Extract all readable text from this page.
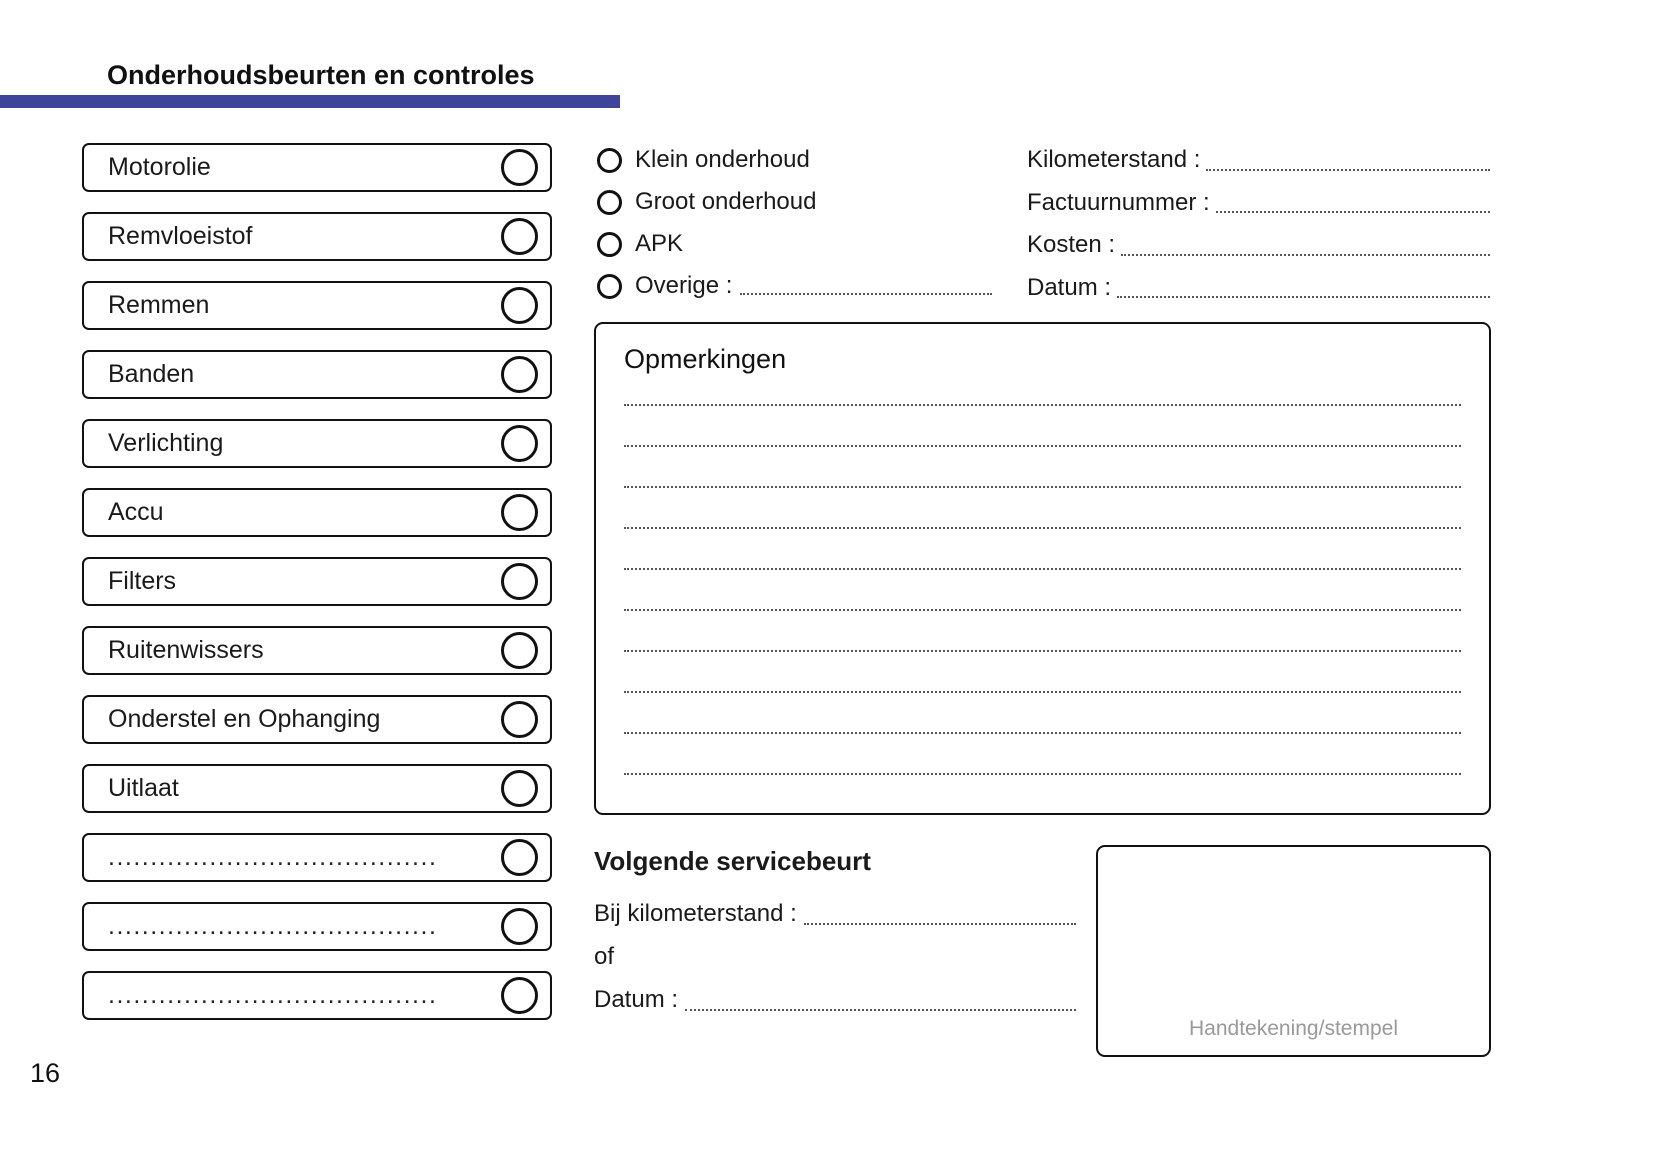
Onderhoudsbeurten en controles
Motorolie
Remvloeistof
Remmen
Banden
Verlichting
Accu
Filters
Ruitenwissers
Onderstel en Ophanging
Uitlaat
.......................................
.......................................
.......................................
Klein onderhoud
Groot onderhoud
APK
Overige :
Kilometerstand :
Factuurnummer :
Kosten :
Datum :
Opmerkingen
Volgende servicebeurt
Bij kilometerstand :
of
Datum :
Handtekening/stempel
16
